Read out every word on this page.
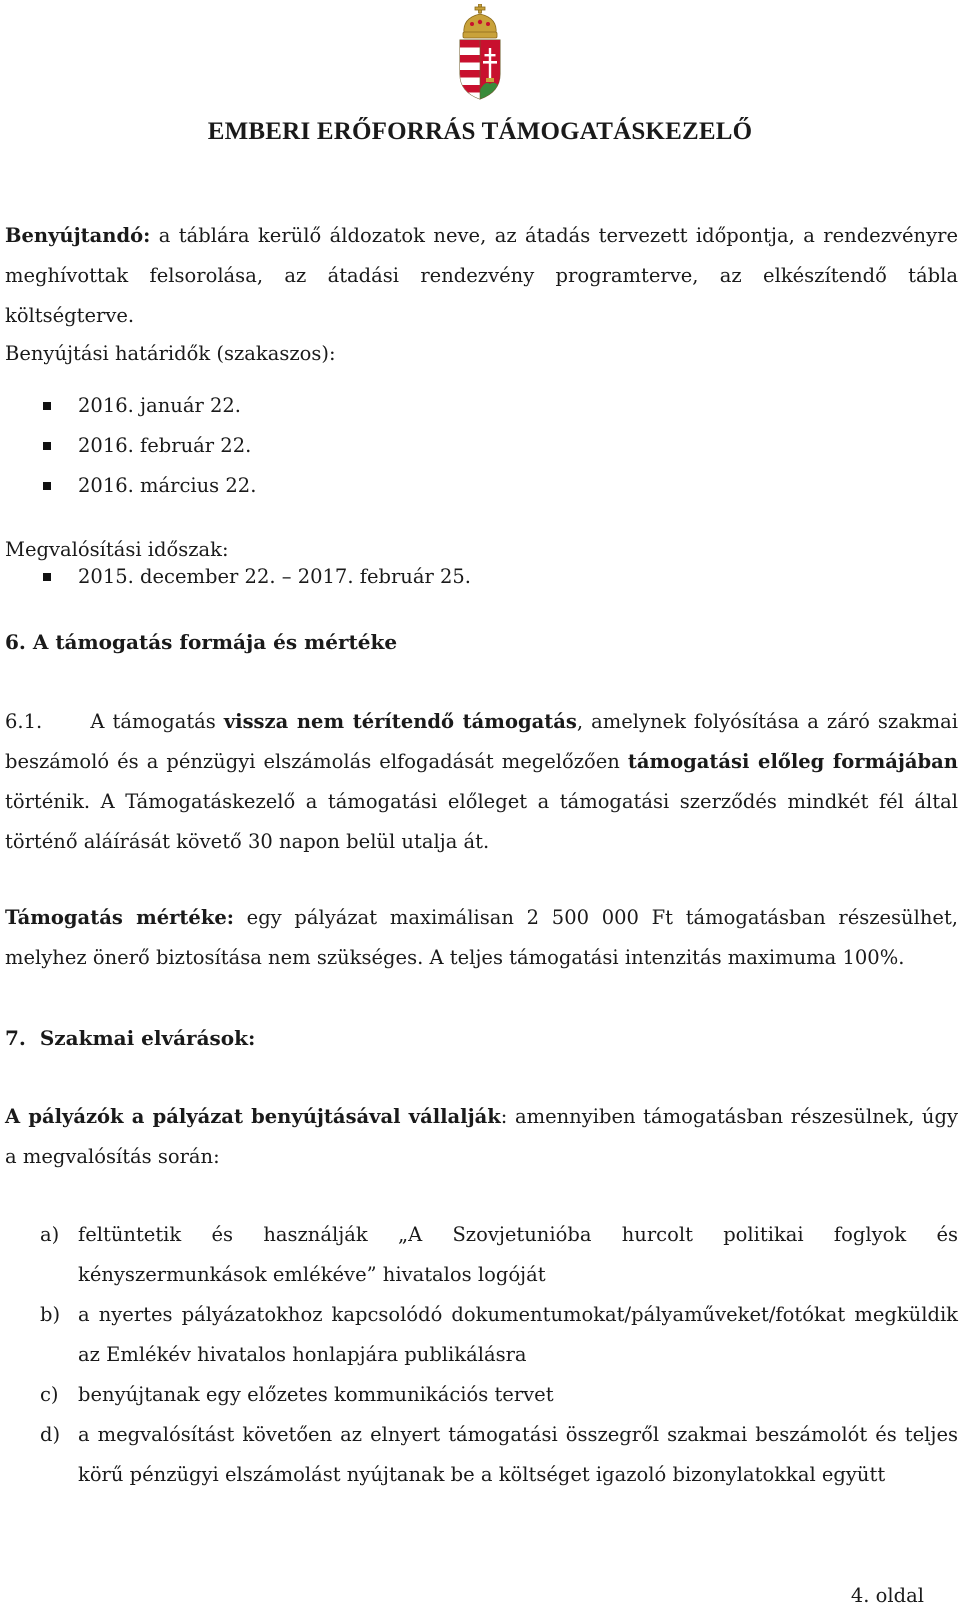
EMBERI ERŐFORRÁS TÁMOGATÁSKEZELŐ

Benyújtandó: a táblára kerülő áldozatok neve, az átadás tervezett időpontja, a rendezvényre meghívottak felsorolása, az átadási rendezvény programterve, az elkészítendő tábla költségterve.

Benyújtási határidők (szakaszos):

2016. január 22.
2016. február 22.
2016. március 22.

Megvalósítási időszak:

2015. december 22. – 2017. február 25.

6. A támogatás formája és mértéke

6.1. A támogatás vissza nem térítendő támogatás, amelynek folyósítása a záró szakmai beszámoló és a pénzügyi elszámolás elfogadását megelőzően támogatási előleg formájában történik. A Támogatáskezelő a támogatási előleget a támogatási szerződés mindkét fél által történő aláírását követő 30 napon belül utalja át.

Támogatás mértéke: egy pályázat maximálisan 2 500 000 Ft támogatásban részesülhet, melyhez önerő biztosítása nem szükséges. A teljes támogatási intenzitás maximuma 100%.

7. Szakmai elvárások:

A pályázók a pályázat benyújtásával vállalják: amennyiben támogatásban részesülnek, úgy a megvalósítás során:

a) feltüntetik és használják „A Szovjetunióba hurcolt politikai foglyok és kényszermunkások emlékéve” hivatalos logóját
b) a nyertes pályázatokhoz kapcsolódó dokumentumokat/pályaműveket/fotókat megküldik az Emlékév hivatalos honlapjára publikálásra
c) benyújtanak egy előzetes kommunikációs tervet
d) a megvalósítást követően az elnyert támogatási összegről szakmai beszámolót és teljes körű pénzügyi elszámolást nyújtanak be a költséget igazoló bizonylatokkal együtt

4. oldal
